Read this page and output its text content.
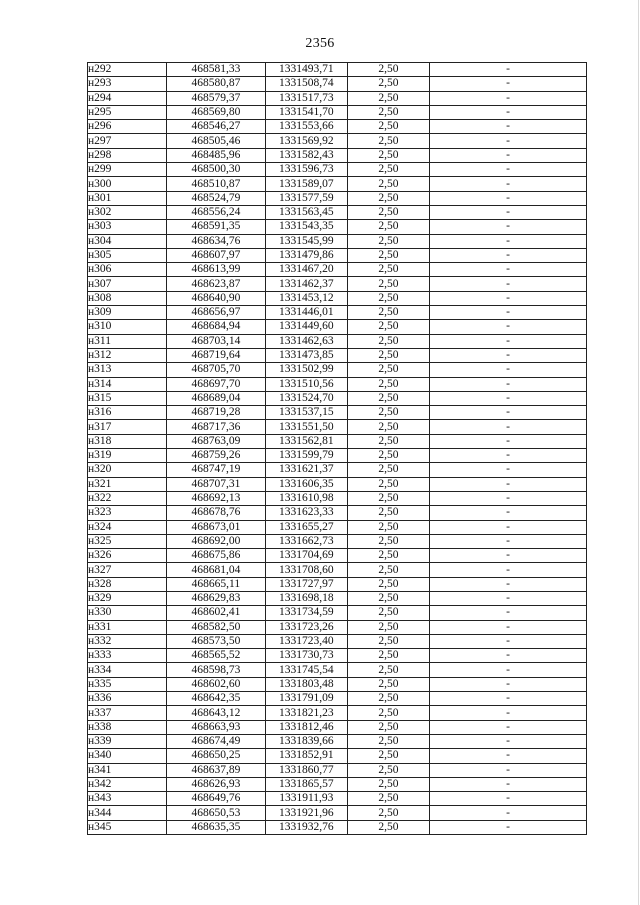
2356
н292	468581,33	1331493,71	2,50	-
н293	468580,87	1331508,74	2,50	-
н294	468579,37	1331517,73	2,50	-
н295	468569,80	1331541,70	2,50	-
н296	468546,27	1331553,66	2,50	-
н297	468505,46	1331569,92	2,50	-
н298	468485,96	1331582,43	2,50	-
н299	468500,30	1331596,73	2,50	-
н300	468510,87	1331589,07	2,50	-
н301	468524,79	1331577,59	2,50	-
н302	468556,24	1331563,45	2,50	-
н303	468591,35	1331543,35	2,50	-
н304	468634,76	1331545,99	2,50	-
н305	468607,97	1331479,86	2,50	-
н306	468613,99	1331467,20	2,50	-
н307	468623,87	1331462,37	2,50	-
н308	468640,90	1331453,12	2,50	-
н309	468656,97	1331446,01	2,50	-
н310	468684,94	1331449,60	2,50	-
н311	468703,14	1331462,63	2,50	-
н312	468719,64	1331473,85	2,50	-
н313	468705,70	1331502,99	2,50	-
н314	468697,70	1331510,56	2,50	-
н315	468689,04	1331524,70	2,50	-
н316	468719,28	1331537,15	2,50	-
н317	468717,36	1331551,50	2,50	-
н318	468763,09	1331562,81	2,50	-
н319	468759,26	1331599,79	2,50	-
н320	468747,19	1331621,37	2,50	-
н321	468707,31	1331606,35	2,50	-
н322	468692,13	1331610,98	2,50	-
н323	468678,76	1331623,33	2,50	-
н324	468673,01	1331655,27	2,50	-
н325	468692,00	1331662,73	2,50	-
н326	468675,86	1331704,69	2,50	-
н327	468681,04	1331708,60	2,50	-
н328	468665,11	1331727,97	2,50	-
н329	468629,83	1331698,18	2,50	-
н330	468602,41	1331734,59	2,50	-
н331	468582,50	1331723,26	2,50	-
н332	468573,50	1331723,40	2,50	-
н333	468565,52	1331730,73	2,50	-
н334	468598,73	1331745,54	2,50	-
н335	468602,60	1331803,48	2,50	-
н336	468642,35	1331791,09	2,50	-
н337	468643,12	1331821,23	2,50	-
н338	468663,93	1331812,46	2,50	-
н339	468674,49	1331839,66	2,50	-
н340	468650,25	1331852,91	2,50	-
н341	468637,89	1331860,77	2,50	-
н342	468626,93	1331865,57	2,50	-
н343	468649,76	1331911,93	2,50	-
н344	468650,53	1331921,96	2,50	-
н345	468635,35	1331932,76	2,50	-
